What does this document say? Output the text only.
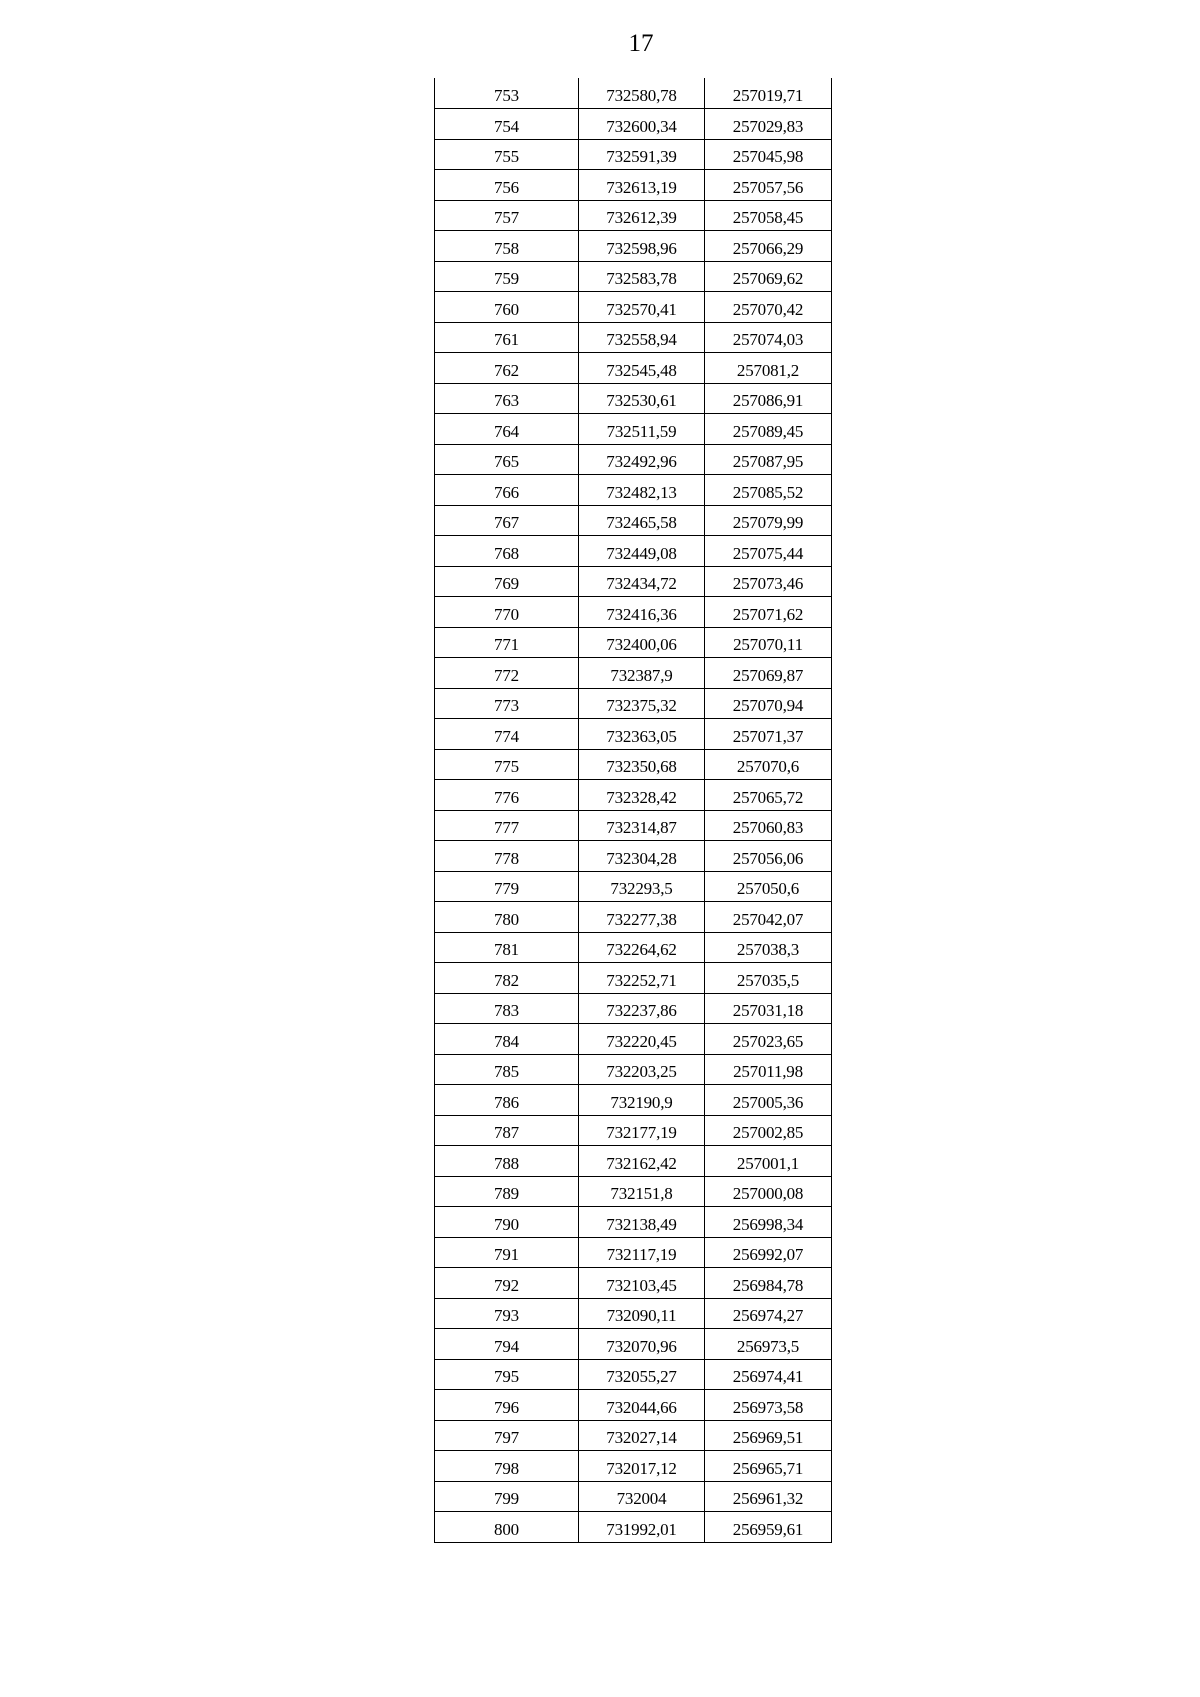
17
753	732580,78	257019,71
754	732600,34	257029,83
755	732591,39	257045,98
756	732613,19	257057,56
757	732612,39	257058,45
758	732598,96	257066,29
759	732583,78	257069,62
760	732570,41	257070,42
761	732558,94	257074,03
762	732545,48	257081,2
763	732530,61	257086,91
764	732511,59	257089,45
765	732492,96	257087,95
766	732482,13	257085,52
767	732465,58	257079,99
768	732449,08	257075,44
769	732434,72	257073,46
770	732416,36	257071,62
771	732400,06	257070,11
772	732387,9	257069,87
773	732375,32	257070,94
774	732363,05	257071,37
775	732350,68	257070,6
776	732328,42	257065,72
777	732314,87	257060,83
778	732304,28	257056,06
779	732293,5	257050,6
780	732277,38	257042,07
781	732264,62	257038,3
782	732252,71	257035,5
783	732237,86	257031,18
784	732220,45	257023,65
785	732203,25	257011,98
786	732190,9	257005,36
787	732177,19	257002,85
788	732162,42	257001,1
789	732151,8	257000,08
790	732138,49	256998,34
791	732117,19	256992,07
792	732103,45	256984,78
793	732090,11	256974,27
794	732070,96	256973,5
795	732055,27	256974,41
796	732044,66	256973,58
797	732027,14	256969,51
798	732017,12	256965,71
799	732004	256961,32
800	731992,01	256959,61
